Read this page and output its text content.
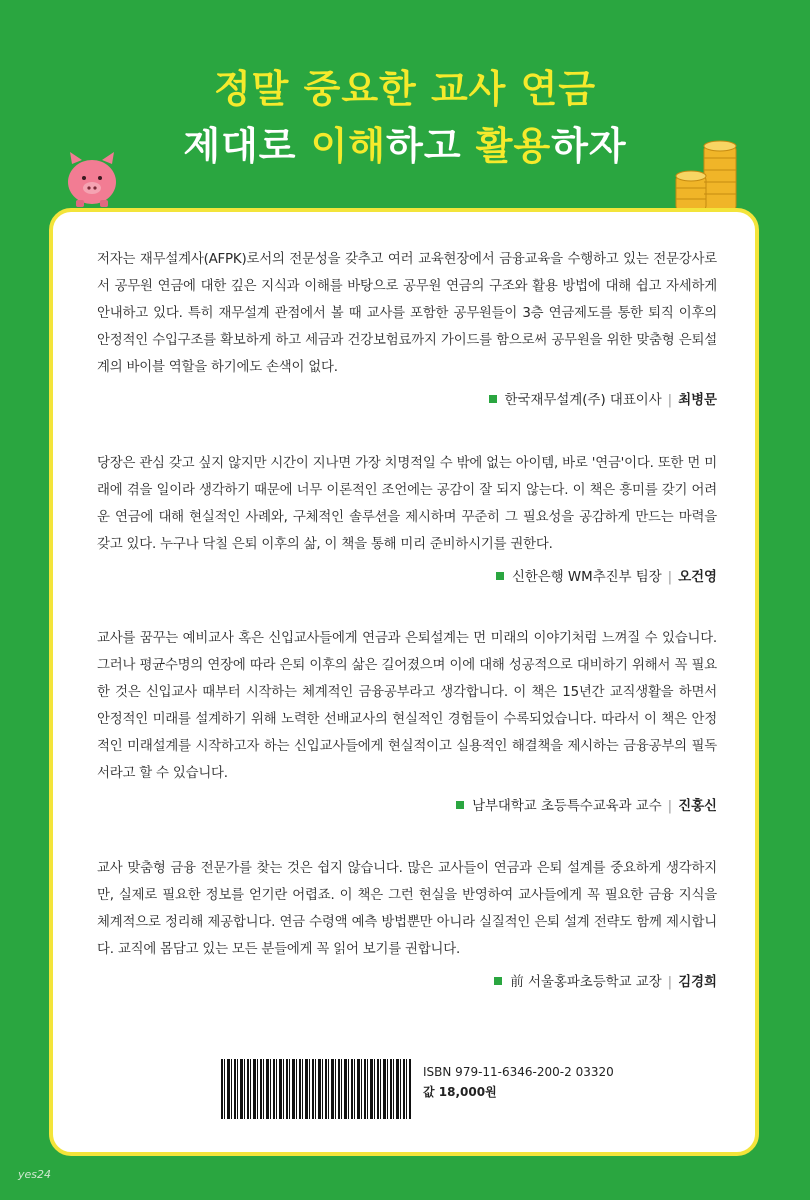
정말 중요한 교사 연금
제대로 이해하고 활용하자

저자는 재무설계사(AFPK)로서의 전문성을 갖추고 여러 교육현장에서 금융교육을 수행하고 있는 전문강사로서 공무원 연금에 대한 깊은 지식과 이해를 바탕으로 공무원 연금의 구조와 활용 방법에 대해 쉽고 자세하게 안내하고 있다. 특히 재무설계 관점에서 볼 때 교사를 포함한 공무원들이 3층 연금제도를 통한 퇴직 이후의 안정적인 수입구조를 확보하게 하고 세금과 건강보험료까지 가이드를 함으로써 공무원을 위한 맞춤형 은퇴설계의 바이블 역할을 하기에도 손색이 없다.

한국재무설계(주) 대표이사 | 최병문

당장은 관심 갖고 싶지 않지만 시간이 지나면 가장 치명적일 수 밖에 없는 아이템, 바로 '연금'이다. 또한 먼 미래에 겪을 일이라 생각하기 때문에 너무 이론적인 조언에는 공감이 잘 되지 않는다. 이 책은 흥미를 갖기 어려운 연금에 대해 현실적인 사례와, 구체적인 솔루션을 제시하며 꾸준히 그 필요성을 공감하게 만드는 마력을 갖고 있다. 누구나 닥칠 은퇴 이후의 삶, 이 책을 통해 미리 준비하시기를 권한다.

신한은행 WM추진부 팀장 | 오건영

교사를 꿈꾸는 예비교사 혹은 신입교사들에게 연금과 은퇴설계는 먼 미래의 이야기처럼 느껴질 수 있습니다. 그러나 평균수명의 연장에 따라 은퇴 이후의 삶은 길어졌으며 이에 대해 성공적으로 대비하기 위해서 꼭 필요한 것은 신입교사 때부터 시작하는 체계적인 금융공부라고 생각합니다. 이 책은 15년간 교직생활을 하면서 안정적인 미래를 설계하기 위해 노력한 선배교사의 현실적인 경험들이 수록되었습니다. 따라서 이 책은 안정적인 미래설계를 시작하고자 하는 신입교사들에게 현실적이고 실용적인 해결책을 제시하는 금융공부의 필독서라고 할 수 있습니다.

남부대학교 초등특수교육과 교수 | 진홍신

교사 맞춤형 금융 전문가를 찾는 것은 쉽지 않습니다. 많은 교사들이 연금과 은퇴 설계를 중요하게 생각하지만, 실제로 필요한 정보를 얻기란 어렵죠. 이 책은 그런 현실을 반영하여 교사들에게 꼭 필요한 금융 지식을 체계적으로 정리해 제공합니다. 연금 수령액 예측 방법뿐만 아니라 실질적인 은퇴 설계 전략도 함께 제시합니다. 교직에 몸담고 있는 모든 분들에게 꼭 읽어 보기를 권합니다.

前 서울홍파초등학교 교장 | 김경희
ISBN 979-11-6346-200-2 03320
값 18,000원
yes24
